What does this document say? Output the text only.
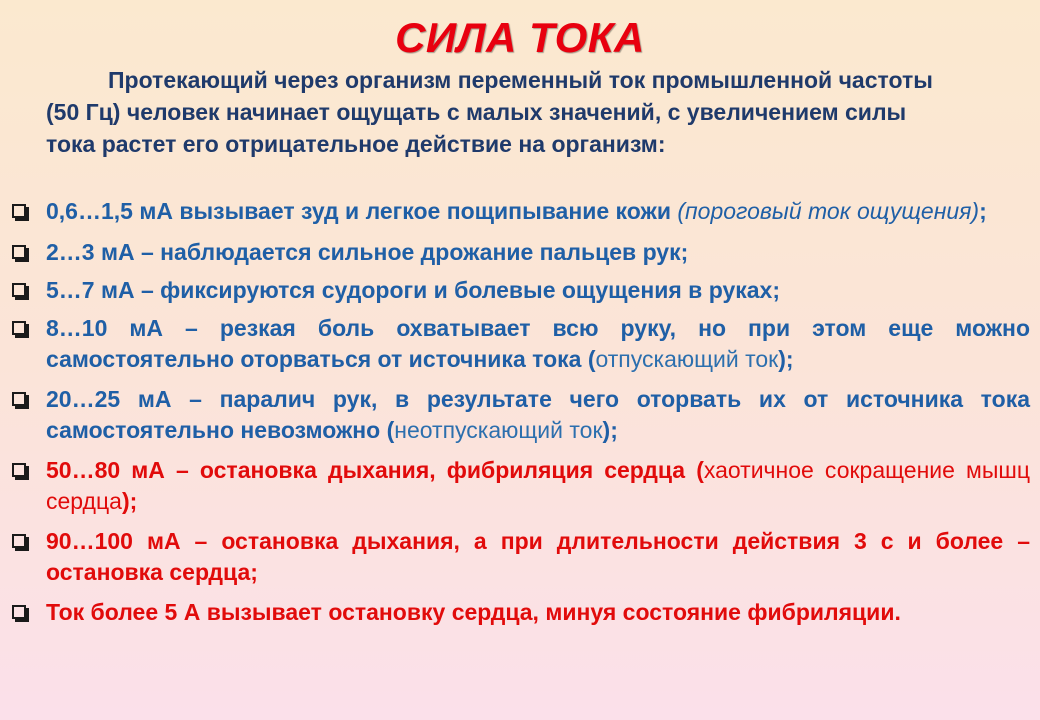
СИЛА ТОКА
Протекающий через организм переменный ток промышленной частоты (50 Гц) человек начинает ощущать с малых значений, с увеличением силы тока растет его отрицательное действие на организм:
0,6…1,5 мА вызывает зуд и легкое пощипывание кожи (пороговый ток ощущения);
2…3 мА – наблюдается сильное дрожание пальцев рук;
5…7 мА – фиксируются судороги и болевые ощущения в руках;
8…10 мА – резкая боль охватывает всю руку, но при этом еще можно самостоятельно оторваться от источника тока (отпускающий ток);
20…25 мА – паралич рук, в результате чего оторвать их от источника тока самостоятельно невозможно (неотпускающий ток);
50…80 мА – остановка дыхания, фибриляция сердца (хаотичное сокращение мышц сердца);
90…100 мА – остановка дыхания, а при длительности действия 3 с и более – остановка сердца;
Ток более 5 А вызывает остановку сердца, минуя состояние фибриляции.
